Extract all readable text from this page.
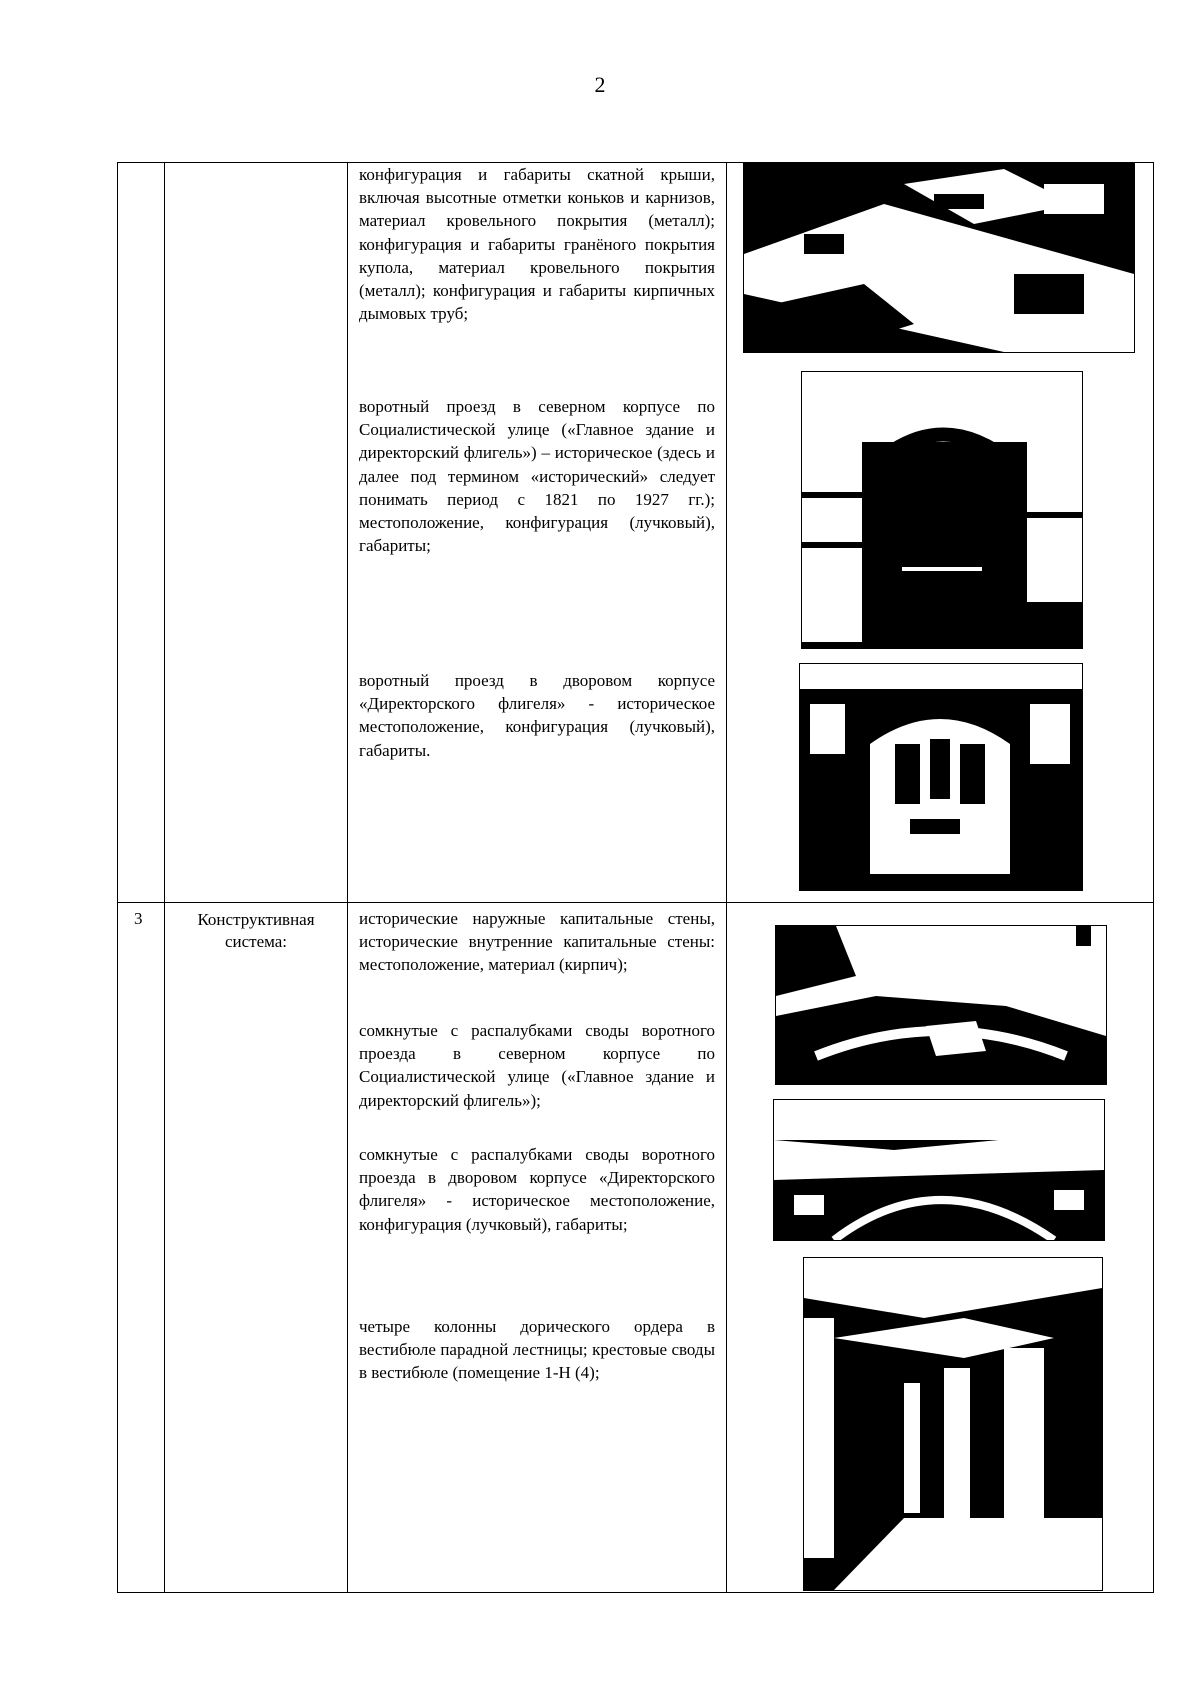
2

		конфигурация и габариты скатной крыши, включая высотные отметки коньков и карнизов, материал кровельного покрытия (металл); конфигурация и габариты гранёного покрытия купола, материал кровельного покрытия (металл); конфигурация и габариты кирпичных дымовых труб;

воротный проезд в северном корпусе по Социалистической улице («Главное здание и директорский флигель») – историческое (здесь и далее под термином «исторический» следует понимать период с 1821 по 1927 гг.); местоположение, конфигурация (лучковый), габариты;

воротный проезд в дворовом корпусе «Директорского флигеля» - историческое местоположение, конфигурация (лучковый), габариты.

3	Конструктивная система:	исторические наружные капитальные стены, исторические внутренние капитальные стены: местоположение, материал (кирпич);

сомкнутые с распалубками своды воротного проезда в северном корпусе по Социалистической улице («Главное здание и директорский флигель»);

сомкнутые с распалубками своды воротного проезда в дворовом корпусе «Директорского флигеля» - историческое местоположение, конфигурация (лучковый), габариты;

четыре колонны дорического ордера в вестибюле парадной лестницы; крестовые своды в вестибюле (помещение 1-Н (4);
